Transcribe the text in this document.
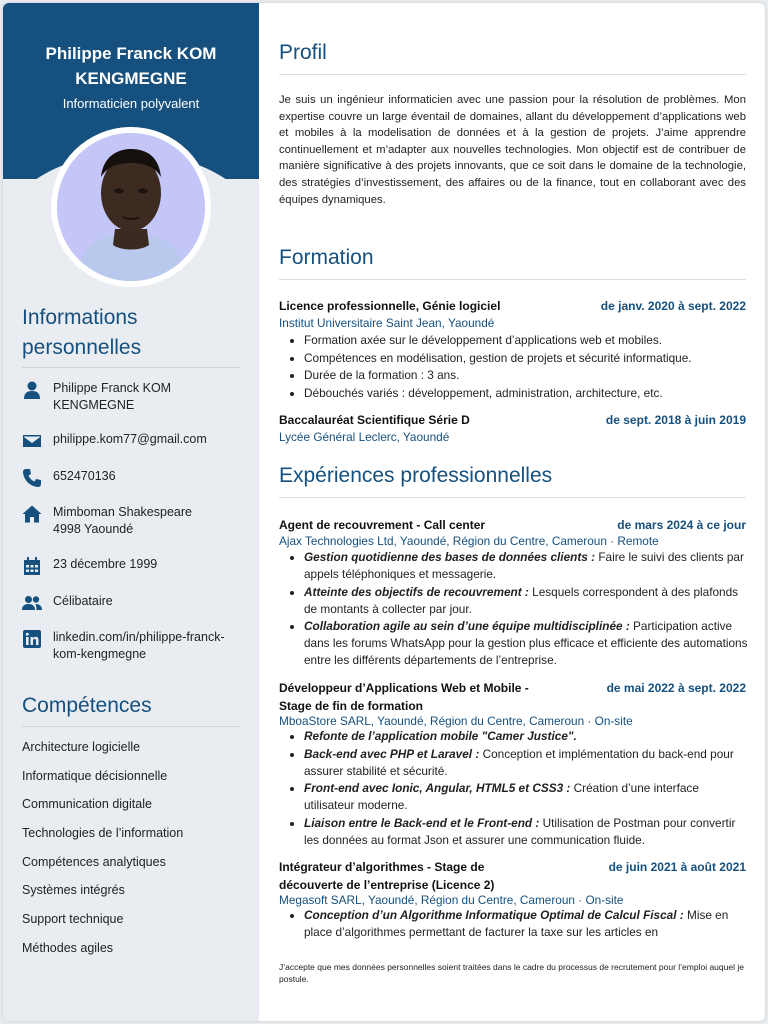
Philippe Franck KOM
KENGMEGNE
Informaticien polyvalent
Informations
personnelles
Philippe Franck KOM
KENGMEGNE
philippe.kom77@gmail.com
652470136
Mimboman Shakespeare
4998 Yaoundé
23 décembre 1999
Célibataire
linkedin.com/in/philippe-franck-
kom-kengmegne
Compétences
Architecture logicielle
Informatique décisionnelle
Communication digitale
Technologies de l’information
Compétences analytiques
Systèmes intégrés
Support technique
Méthodes agiles
Profil
Je suis un ingénieur informaticien avec une passion pour la résolution de problèmes. Mon expertise couvre un large éventail de domaines, allant du développement d’applications web et mobiles à la modelisation de données et à la gestion de projets. J’aime apprendre continuellement et m’adapter aux nouvelles technologies. Mon objectif est de contribuer de manière significative à des projets innovants, que ce soit dans le domaine de la technologie, des stratégies d’investissement, des affaires ou de la finance, tout en collaborant avec des équipes dynamiques.
Formation
Licence professionnelle, Génie logiciel	de janv. 2020 à sept. 2022
Institut Universitaire Saint Jean, Yaoundé
• Formation axée sur le développement d’applications web et mobiles.
• Compétences en modélisation, gestion de projets et sécurité informatique.
• Durée de la formation : 3 ans.
• Débouchés variés : développement, administration, architecture, etc.
Baccalauréat Scientifique Série D	de sept. 2018 à juin 2019
Lycée Général Leclerc, Yaoundé
Expériences professionnelles
Agent de recouvrement - Call center	de mars 2024 à ce jour
Ajax Technologies Ltd, Yaoundé, Région du Centre, Cameroun · Remote
• Gestion quotidienne des bases de données clients : Faire le suivi des clients par appels téléphoniques et messagerie.
• Atteinte des objectifs de recouvrement : Lesquels correspondent à des plafonds de montants à collecter par jour.
• Collaboration agile au sein d’une équipe multidisciplinée : Participation active dans les forums WhatsApp pour la gestion plus efficace et efficiente des automations entre les différents départements de l’entreprise.
Développeur d’Applications Web et Mobile -
Stage de fin de formation
de mai 2022 à sept. 2022
MboaStore SARL, Yaoundé, Région du Centre, Cameroun · On-site
• Refonte de l’application mobile "Camer Justice".
• Back-end avec PHP et Laravel : Conception et implémentation du back-end pour assurer stabilité et sécurité.
• Front-end avec Ionic, Angular, HTML5 et CSS3 : Création d’une interface utilisateur moderne.
• Liaison entre le Back-end et le Front-end : Utilisation de Postman pour convertir les données au format Json et assurer une communication fluide.
Intégrateur d’algorithmes - Stage de
découverte de l’entreprise (Licence 2)
de juin 2021 à août 2021
Megasoft SARL, Yaoundé, Région du Centre, Cameroun · On-site
• Conception d’un Algorithme Informatique Optimal de Calcul Fiscal : Mise en place d’algorithmes permettant de facturer la taxe sur les articles en
J’accepte que mes données personnelles soient traitées dans le cadre du processus de recrutement pour l’emploi auquel je postule.
